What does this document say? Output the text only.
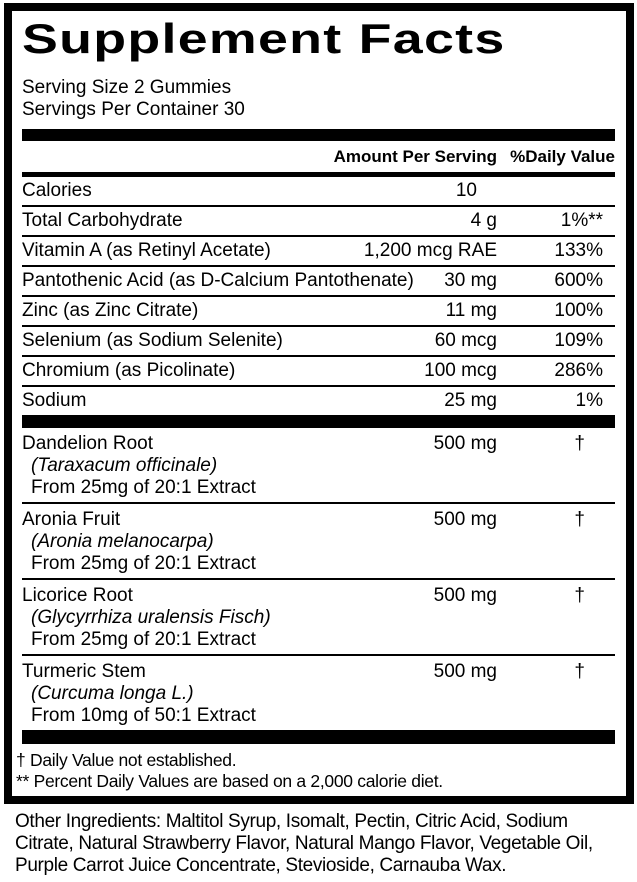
Supplement Facts
Serving Size 2 Gummies
Servings Per Container 30
Amount Per Serving %Daily Value
Calories	10
Total Carbohydrate	4 g	1%**
Vitamin A (as Retinyl Acetate)	1,200 mcg RAE	133%
Pantothenic Acid (as D-Calcium Pantothenate)	30 mg	600%
Zinc (as Zinc Citrate)	11 mg	100%
Selenium (as Sodium Selenite)	60 mcg	109%
Chromium (as Picolinate)	100 mcg	286%
Sodium	25 mg	1%
Dandelion Root
(Taraxacum officinale)
From 25mg of 20:1 Extract
500 mg	†
Aronia Fruit
(Aronia melanocarpa)
From 25mg of 20:1 Extract
500 mg	†
Licorice Root
(Glycyrrhiza uralensis Fisch)
From 25mg of 20:1 Extract
500 mg	†
Turmeric Stem
(Curcuma longa L.)
From 10mg of 50:1 Extract
500 mg	†
† Daily Value not established.
** Percent Daily Values are based on a 2,000 calorie diet.
Other Ingredients: Maltitol Syrup, Isomalt, Pectin, Citric Acid, Sodium Citrate, Natural Strawberry Flavor, Natural Mango Flavor, Vegetable Oil, Purple Carrot Juice Concentrate, Stevioside, Carnauba Wax.
